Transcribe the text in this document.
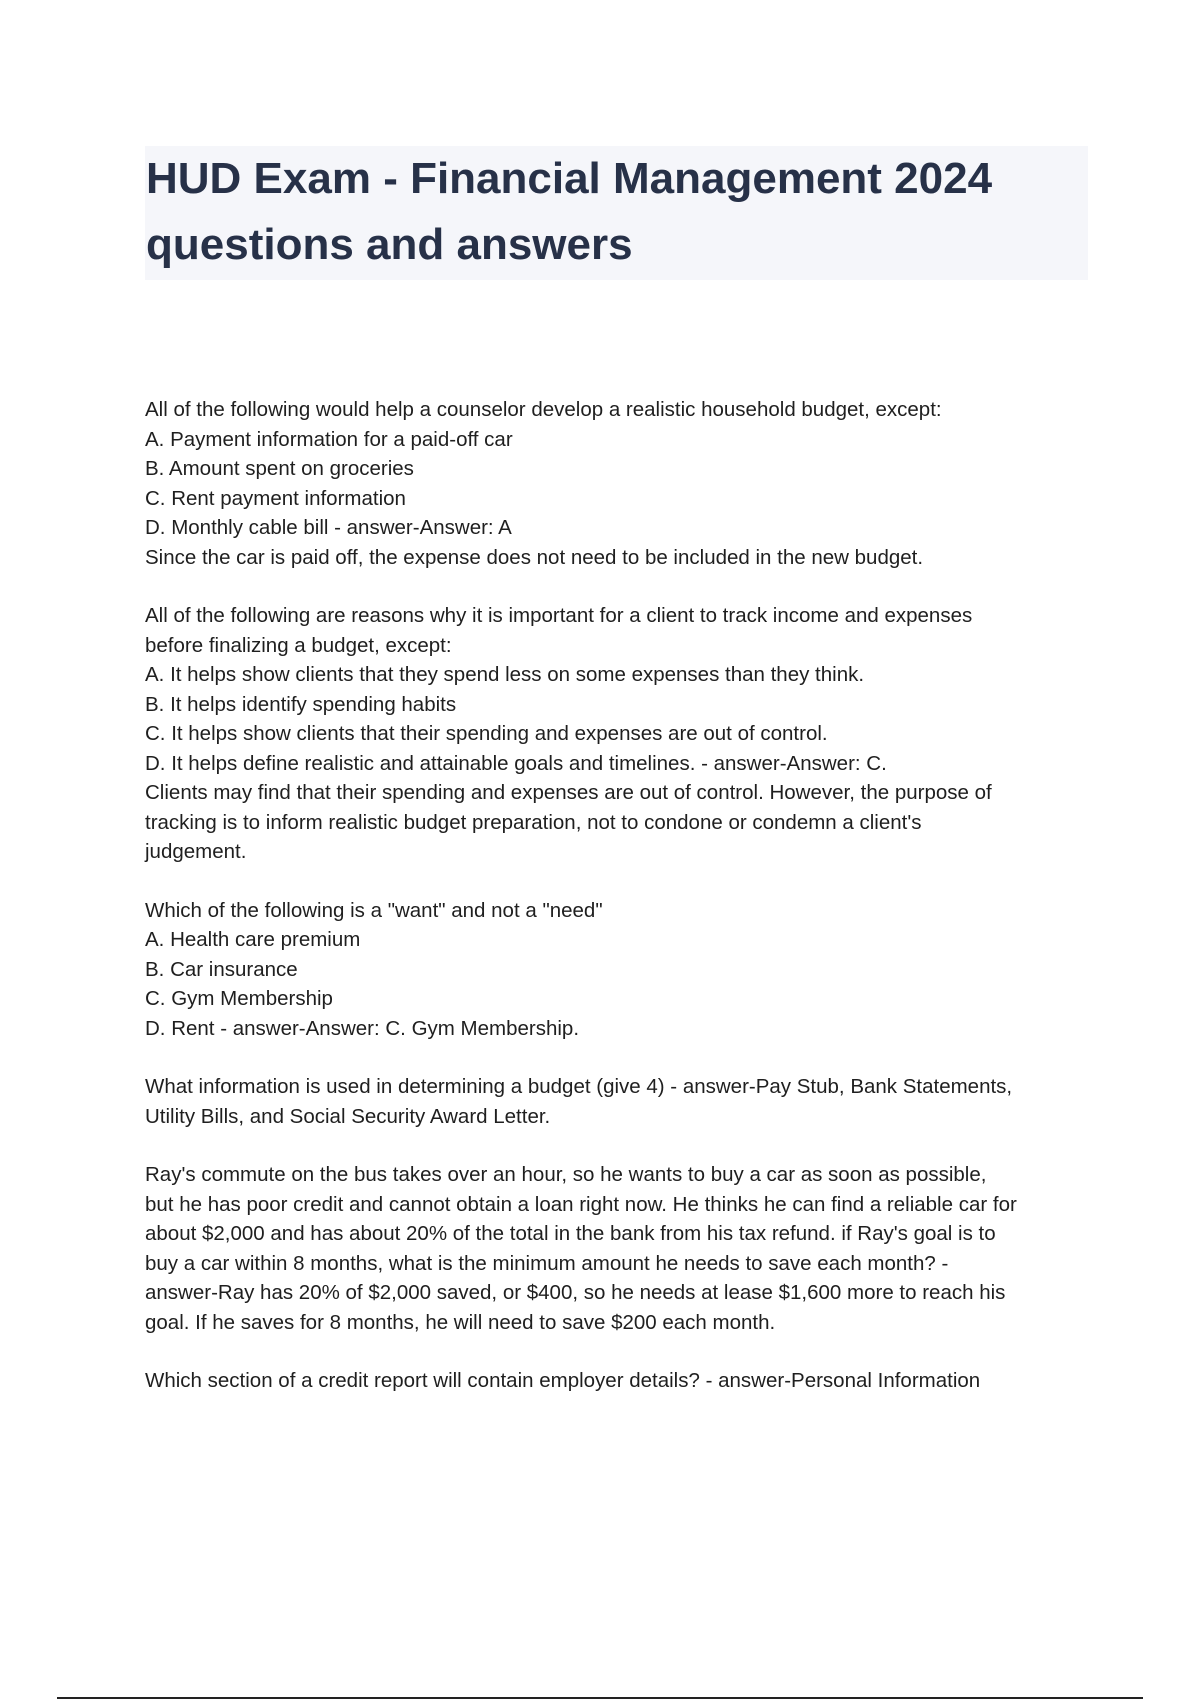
HUD Exam - Financial Management 2024
questions and answers
All of the following would help a counselor develop a realistic household budget, except:
A. Payment information for a paid-off car
B. Amount spent on groceries
C. Rent payment information
D. Monthly cable bill - answer-Answer: A
Since the car is paid off, the expense does not need to be included in the new budget.
All of the following are reasons why it is important for a client to track income and expenses
before finalizing a budget, except:
A. It helps show clients that they spend less on some expenses than they think.
B. It helps identify spending habits
C. It helps show clients that their spending and expenses are out of control.
D. It helps define realistic and attainable goals and timelines. - answer-Answer: C.
Clients may find that their spending and expenses are out of control. However, the purpose of
tracking is to inform realistic budget preparation, not to condone or condemn a client's
judgement.
Which of the following is a "want" and not a "need"
A. Health care premium
B. Car insurance
C. Gym Membership
D. Rent - answer-Answer: C. Gym Membership.
What information is used in determining a budget (give 4) - answer-Pay Stub, Bank Statements,
Utility Bills, and Social Security Award Letter.
Ray's commute on the bus takes over an hour, so he wants to buy a car as soon as possible,
but he has poor credit and cannot obtain a loan right now. He thinks he can find a reliable car for
about $2,000 and has about 20% of the total in the bank from his tax refund. if Ray's goal is to
buy a car within 8 months, what is the minimum amount he needs to save each month? -
answer-Ray has 20% of $2,000 saved, or $400, so he needs at lease $1,600 more to reach his
goal. If he saves for 8 months, he will need to save $200 each month.
Which section of a credit report will contain employer details? - answer-Personal Information
